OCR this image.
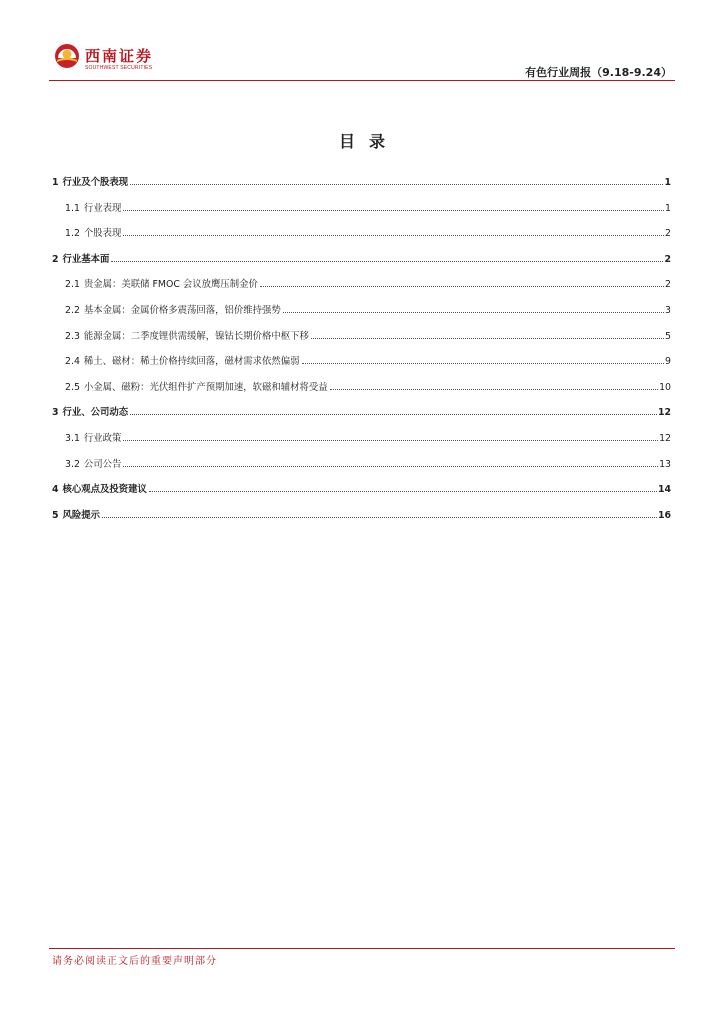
西南证券
SOUTHWEST SECURITIES	有色行业周报（9.18-9.24）
目录
1 行业及个股表现	1
1.1 行业表现	1
1.2 个股表现	2
2 行业基本面	2
2.1 贵金属：美联储 FMOC 会议放鹰压制金价	2
2.2 基本金属：金属价格多震荡回落，铝价维持强势	3
2.3 能源金属：二季度锂供需缓解，镍钴长期价格中枢下移	5
2.4 稀土、磁材：稀土价格持续回落，磁材需求依然偏弱	9
2.5 小金属、磁粉：光伏组件扩产预期加速，软磁和辅材将受益	10
3 行业、公司动态	12
3.1 行业政策	12
3.2 公司公告	13
4 核心观点及投资建议	14
5 风险提示	16
请务必阅读正文后的重要声明部分
